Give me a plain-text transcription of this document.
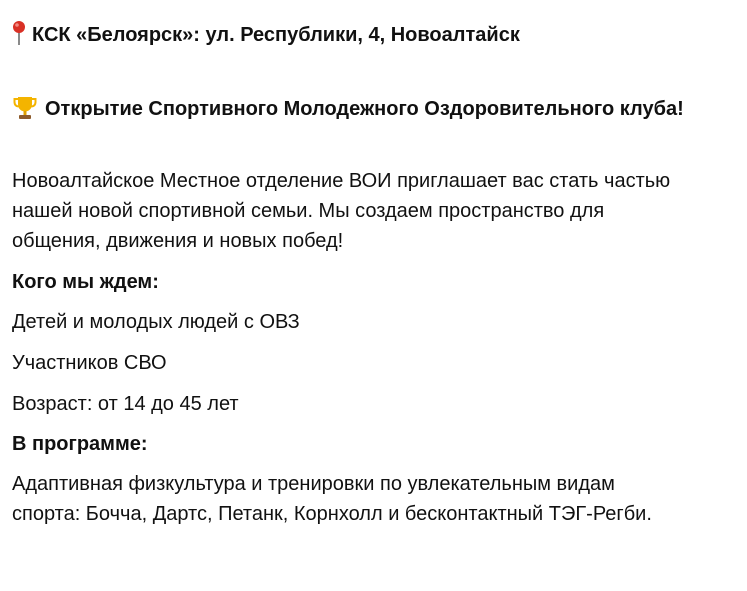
КСК «Белоярск»: ул. Республики, 4, Новоалтайск
Открытие Спортивного Молодежного Оздоровительного клуба!
Новоалтайское Местное отделение ВОИ приглашает вас стать частью
нашей новой спортивной семьи. Мы создаем пространство для
общения, движения и новых побед!
Кого мы ждем:
Детей и молодых людей с ОВЗ
Участников СВО
Возраст: от 14 до 45 лет
В программе:
Адаптивная физкультура и тренировки по увлекательным видам
спорта: Бочча, Дартс, Петанк, Корнхолл и бесконтактный ТЭГ-Регби.
